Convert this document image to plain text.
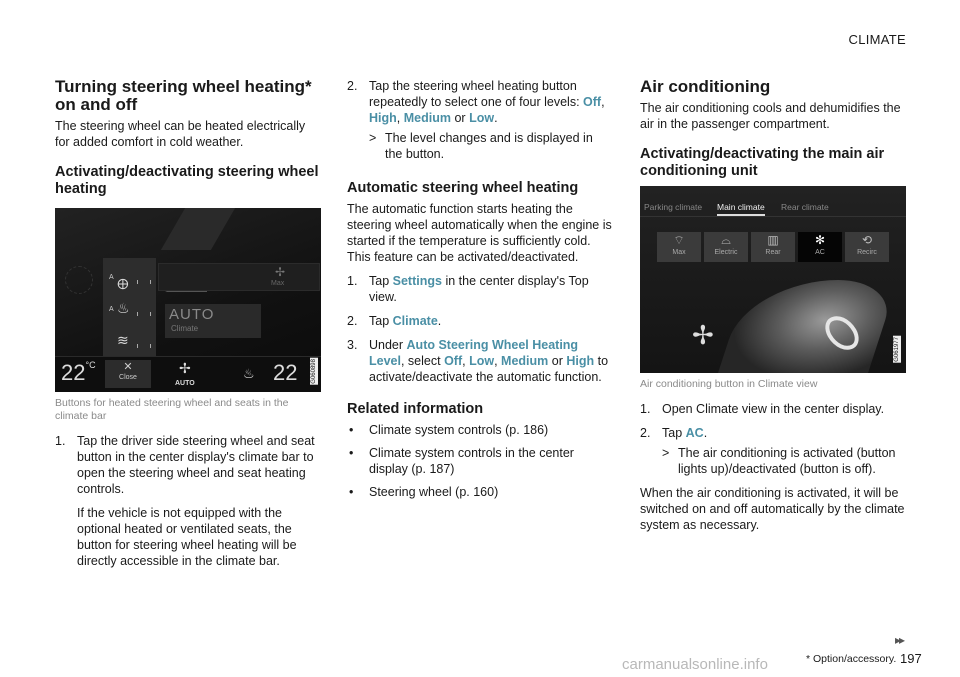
CLIMATE
Turning steering wheel heating* on and off

The steering wheel can be heated electrically for added comfort in cold weather.

Activating/deactivating steering wheel heating
🜨
A
♨
A
≋
AUTO
Climate
✢
Max
$22^{^\circ C}$	✕
Close
✢
AUTO
♨ 22 G060898
Buttons for heated steering wheel and seats in the climate bar
1. Tap the driver side steering wheel and seat button in the center display's climate bar to open the steering wheel and seat heating controls.
If the vehicle is not equipped with the optional heated or ventilated seats, the button for steering wheel heating will be directly accessible in the climate bar.
2. Tap the steering wheel heating button repeatedly to select one of four levels: Off, High, Medium or Low.
> The level changes and is displayed in the button.
Automatic steering wheel heating

The automatic function starts heating the steering wheel automatically when the engine is started if the temperature is sufficiently cold. This feature can be activated/deactivated.

1. Tap Settings in the center display's Top view.
2. Tap Climate.
3. Under Auto Steering Wheel Heating Level, select Off, Low, Medium or High to activate/deactivate the automatic function.
Related information
• Climate system controls (p. 186)
• Climate system controls in the center display (p. 187)
• Steering wheel (p. 160)
Air conditioning

The air conditioning cools and dehumidifies the air in the passenger compartment.

Activating/deactivating the main air conditioning unit
Parking climate Main climate Rear climate
⌔
Max
⌓
Electric
▥
Rear
✻
AC
⟲
Recirc
✢	G061977
Air conditioning button in Climate view
1. Open Climate view in the center display.
2. Tap AC.
> The air conditioning is activated (button lights up)/deactivated (button is off).

When the air conditioning is activated, it will be switched on and off automatically by the climate system as necessary.

▸▸
carmanualsonline.info	* Option/accessory. 197
